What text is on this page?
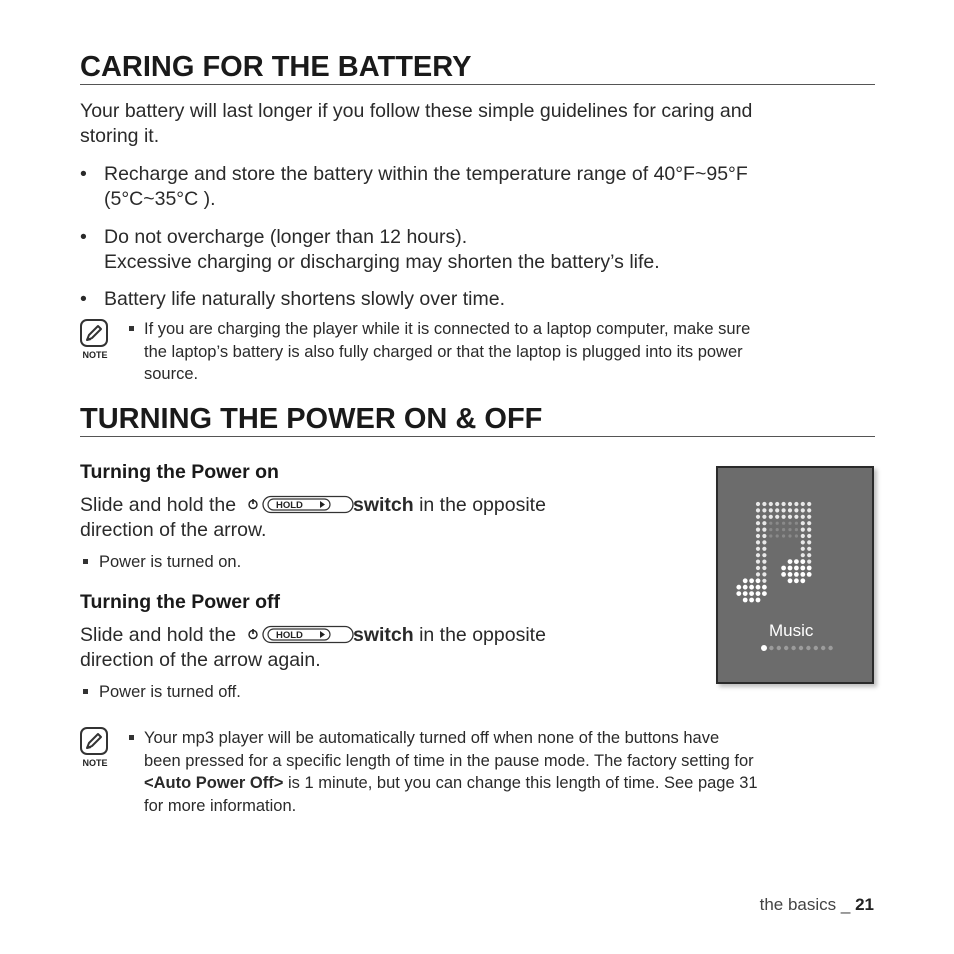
CARING FOR THE BATTERY
Your battery will last longer if you follow these simple guidelines for caring and
storing it.
• Recharge and store the battery within the temperature range of 40°F~95°F
(5°C~35°C ).
• Do not overcharge (longer than 12 hours).
Excessive charging or discharging may shorten the battery’s life.
• Battery life naturally shortens slowly over time.
NOTE
If you are charging the player while it is connected to a laptop computer, make sure
the laptop’s battery is also fully charged or that the laptop is plugged into its power
source.
TURNING THE POWER ON & OFF
Turning the Power on
Slide and hold the	HOLD	switch in the opposite
direction of the arrow.
Power is turned on.
Turning the Power off
Slide and hold the	HOLD	switch in the opposite
direction of the arrow again.
Power is turned off.
Music
NOTE
Your mp3 player will be automatically turned off when none of the buttons have
been pressed for a specific length of time in the pause mode. The factory setting for
<Auto Power Off> is 1 minute, but you can change this length of time. See page 31
for more information.
the basics _ 21
